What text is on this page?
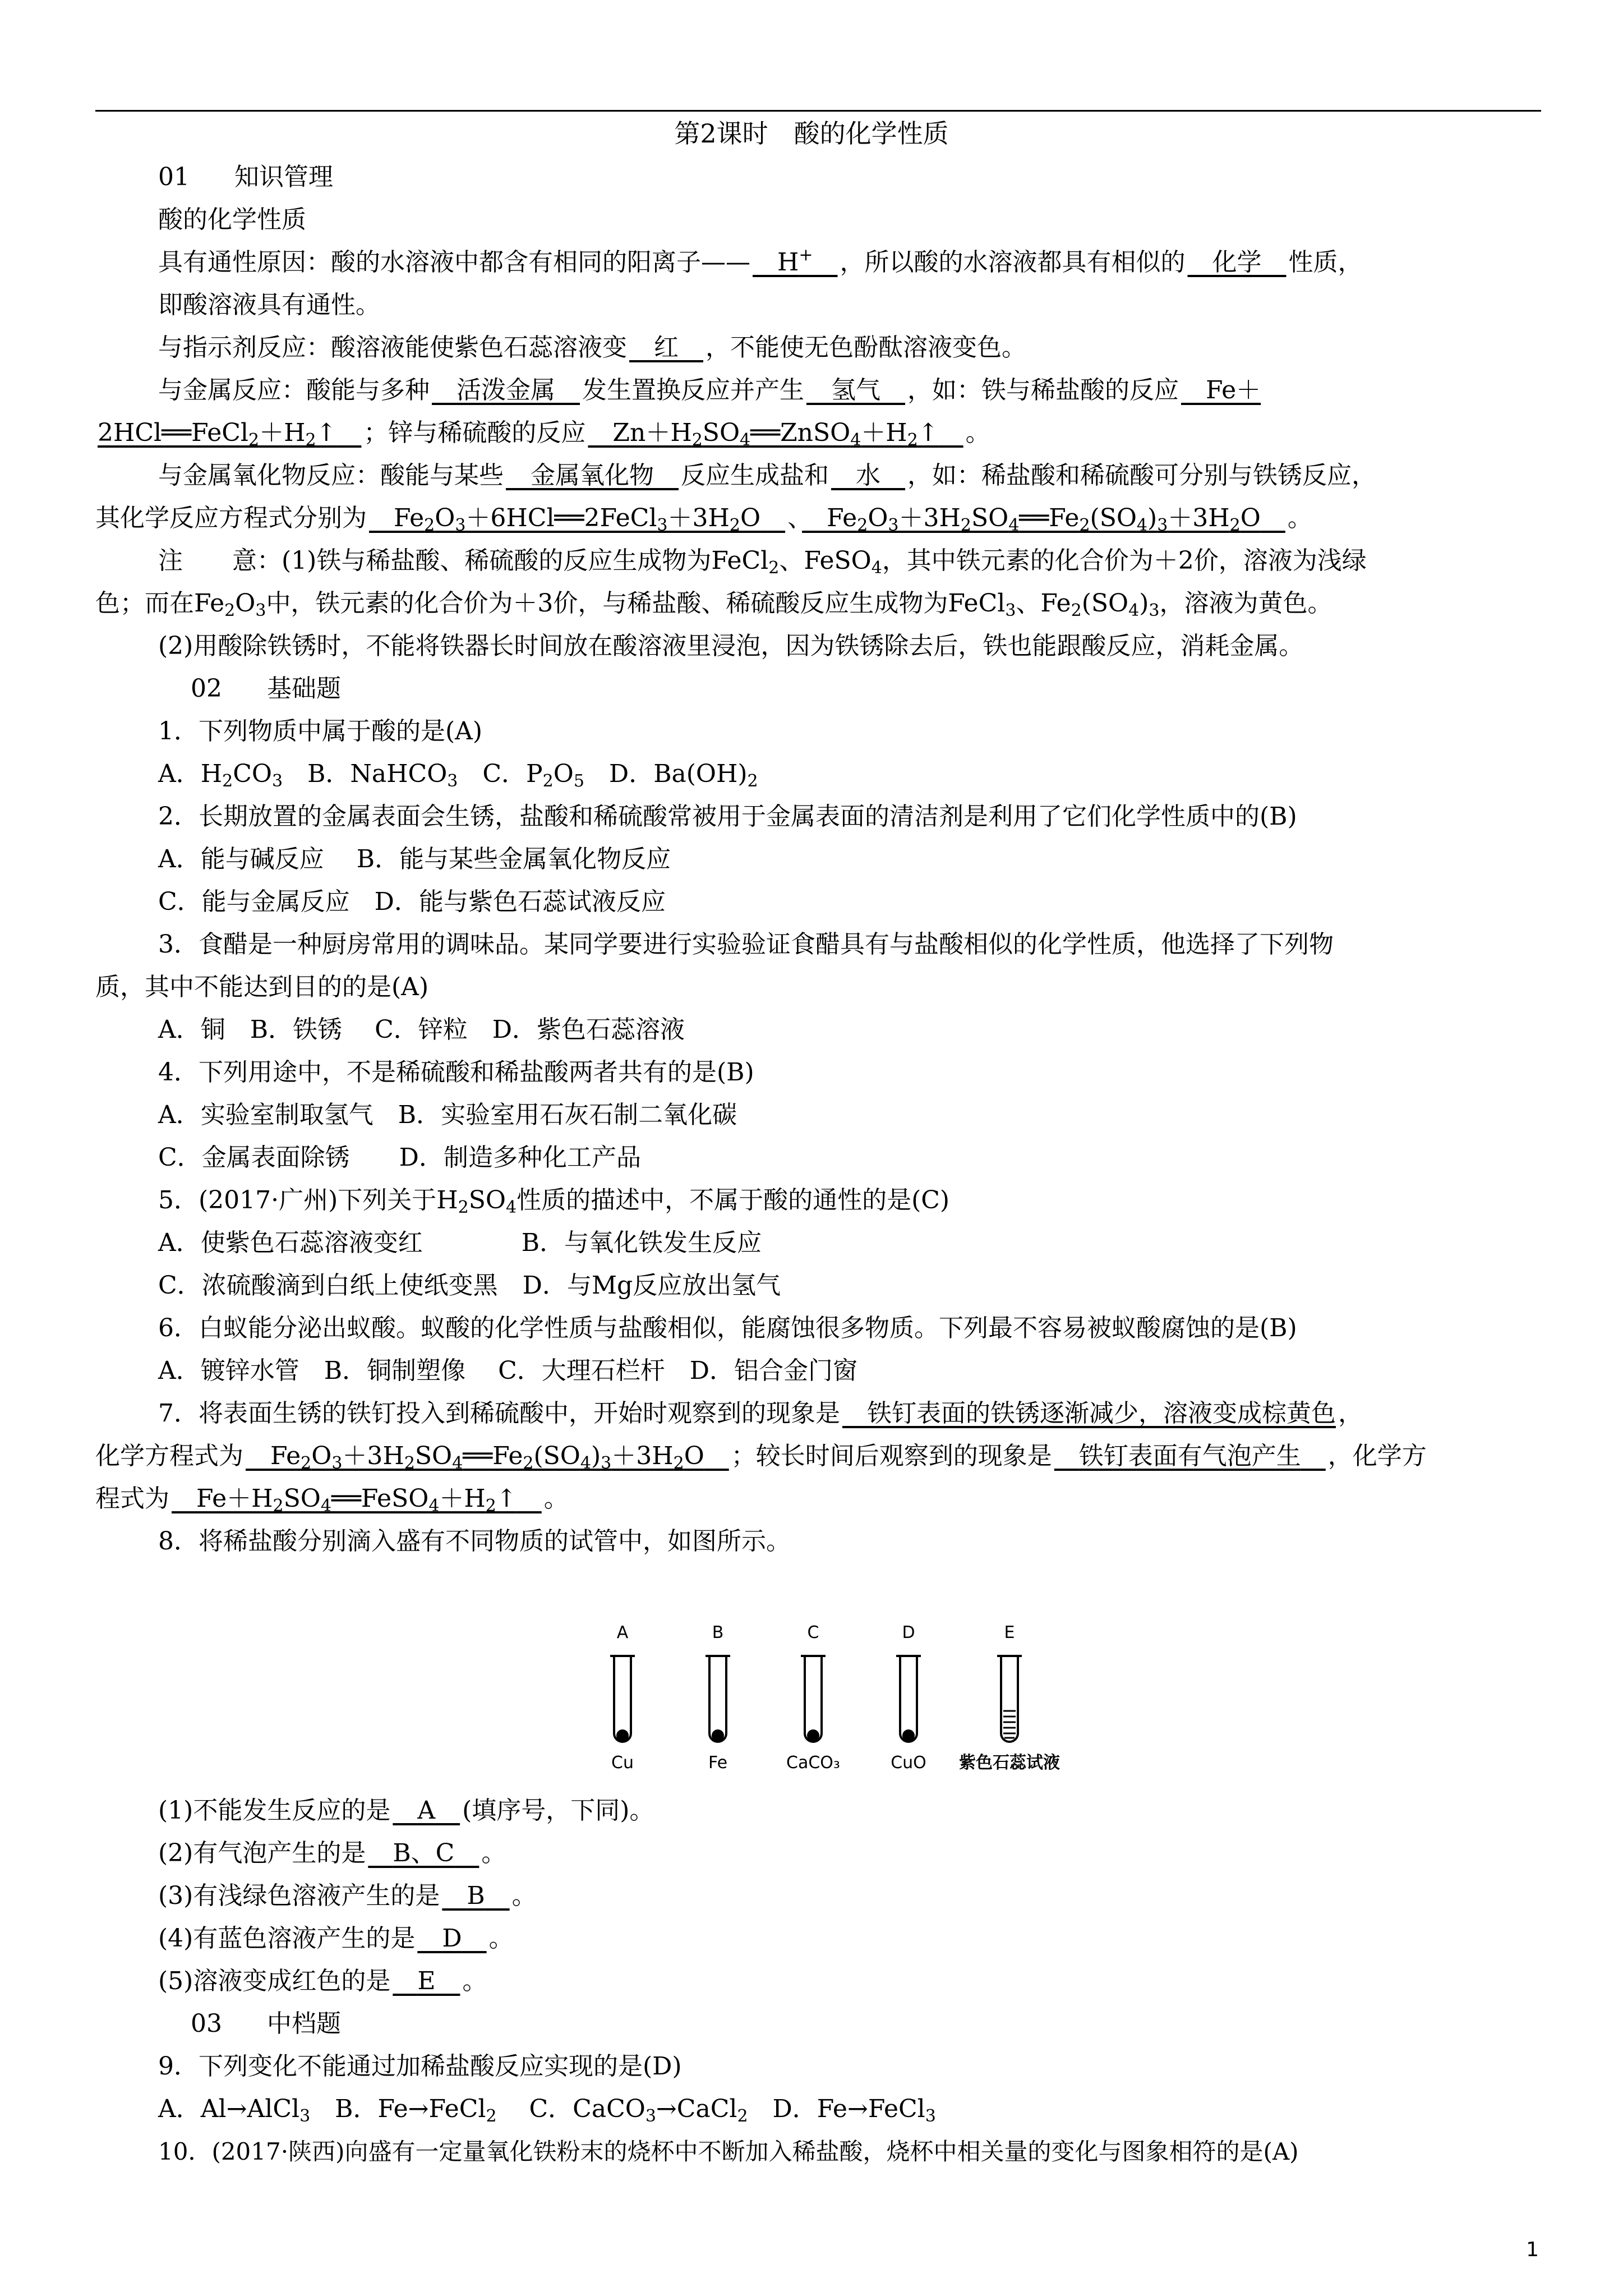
第2课时　酸的化学性质
01 知识管理
酸的化学性质
具有通性原因：酸的水溶液中都含有相同的阳离子——　 H+　 ，所以酸的水溶液都具有相似的　 化学　 性质，
即酸溶液具有通性。
与指示剂反应：酸溶液能使紫色石蕊溶液变　 红　 ，不能使无色酚酞溶液变色。
与金属反应：酸能与多种　 活泼金属　 发生置换反应并产生　 氢气　 ，如：铁与稀盐酸的反应　 Fe＋
$2HCl══FeCl_2+H_2↑$　 ；锌与稀硫酸的反应　 $Zn+H_2SO_4══ZnSO_4+H_2↑$　 。
与金属氧化物反应：酸能与某些　 金属氧化物　 反应生成盐和　 水　 ，如：稀盐酸和稀硫酸可分别与铁锈反应，
其化学反应方程式分别为　 $Fe_2O_3+6HCl══2FeCl_3+3H_2O$　 、　 $Fe_2O_3+3H_2SO_4══Fe_2(SO_4)_3+3H_2O$　 。
注　　意：(1)铁与稀盐酸、稀硫酸的反应生成物为FeCl$_2$、FeSO$_4$，其中铁元素的化合价为＋2价，溶液为浅绿
色；而在$Fe_2O_3$中，铁元素的化合价为＋3价，与稀盐酸、稀硫酸反应生成物为FeCl$_3$、$Fe_2(SO_4)_3$，溶液为黄色。
(2)用酸除铁锈时，不能将铁器长时间放在酸溶液里浸泡，因为铁锈除去后，铁也能跟酸反应，消耗金属。
02 基础题
1．下列物质中属于酸的是(A)
A．$H_2CO_3$　B．NaHCO$_3$　C．$P_2O_5$　D．$Ba(OH)_2$
2．长期放置的金属表面会生锈，盐酸和稀硫酸常被用于金属表面的清洁剂是利用了它们化学性质中的(B)
A．能与碱反应　 B．能与某些金属氧化物反应
C．能与金属反应　D．能与紫色石蕊试液反应
3．食醋是一种厨房常用的调味品。某同学要进行实验验证食醋具有与盐酸相似的化学性质，他选择了下列物
质，其中不能达到目的的是(A)
A．铜　B．铁锈　 C．锌粒　D．紫色石蕊溶液
4．下列用途中，不是稀硫酸和稀盐酸两者共有的是(B)
A．实验室制取氢气　B．实验室用石灰石制二氧化碳
C．金属表面除锈　　D．制造多种化工产品
5．(2017·广州)下列关于$H_2SO_4$性质的描述中，不属于酸的通性的是(C)
A．使紫色石蕊溶液变红　　　　B．与氧化铁发生反应
C．浓硫酸滴到白纸上使纸变黑　D．与Mg反应放出氢气
6．白蚁能分泌出蚁酸。蚁酸的化学性质与盐酸相似，能腐蚀很多物质。下列最不容易被蚁酸腐蚀的是(B)
A．镀锌水管　B．铜制塑像　 C．大理石栏杆　D．铝合金门窗
7．将表面生锈的铁钉投入到稀硫酸中，开始时观察到的现象是　 铁钉表面的铁锈逐渐减少，溶液变成棕黄色，
化学方程式为　 $Fe_2O_3+3H_2SO_4══Fe_2(SO_4)_3+3H_2O$　 ；较长时间后观察到的现象是　 铁钉表面有气泡产生　 ，化学方
程式为　 $Fe+H_2SO_4══FeSO_4+H_2↑$　 。
8．将稀盐酸分别滴入盛有不同物质的试管中，如图所示。
A
Cu
B
Fe
C
CaCO₃
D
CuO
E
紫色石蕊试液
(1)不能发生反应的是　 A　 (填序号，下同)。
(2)有气泡产生的是　 B、C　 。
(3)有浅绿色溶液产生的是　 B　 。
(4)有蓝色溶液产生的是　 D　 。
(5)溶液变成红色的是　 E　 。
03 中档题
9．下列变化不能通过加稀盐酸反应实现的是(D)
A．Al→AlCl$_3$　B．Fe→FeCl$_2$　 C．CaCO$_3$→CaCl$_2$　D．Fe→FeCl$_3$
10．(2017·陕西)向盛有一定量氧化铁粉末的烧杯中不断加入稀盐酸，烧杯中相关量的变化与图象相符的是(A)
1
